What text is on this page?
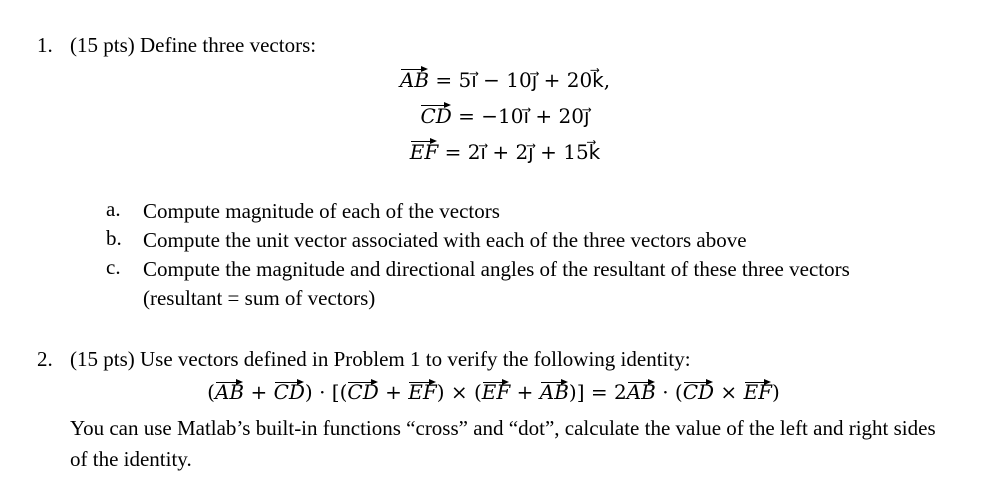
1. (15 pts) Define three vectors:
AB = 5ı⃗ − 10ȷ⃗ + 20k⃗,
CD = −10ı⃗ + 20ȷ⃗
EF = 2ı⃗ + 2ȷ⃗ + 15k⃗
a.	Compute magnitude of each of the vectors
b.	Compute the unit vector associated with each of the three vectors above
c.	Compute the magnitude and directional angles of the resultant of these three vectors (resultant = sum of vectors)
2. (15 pts) Use vectors defined in Problem 1 to verify the following identity:
(AB + CD) · [(CD + EF) × (EF + AB)] = 2AB · (CD × EF)
You can use Matlab’s built-in functions “cross” and “dot”, calculate the value of the left and right sides of the identity.
